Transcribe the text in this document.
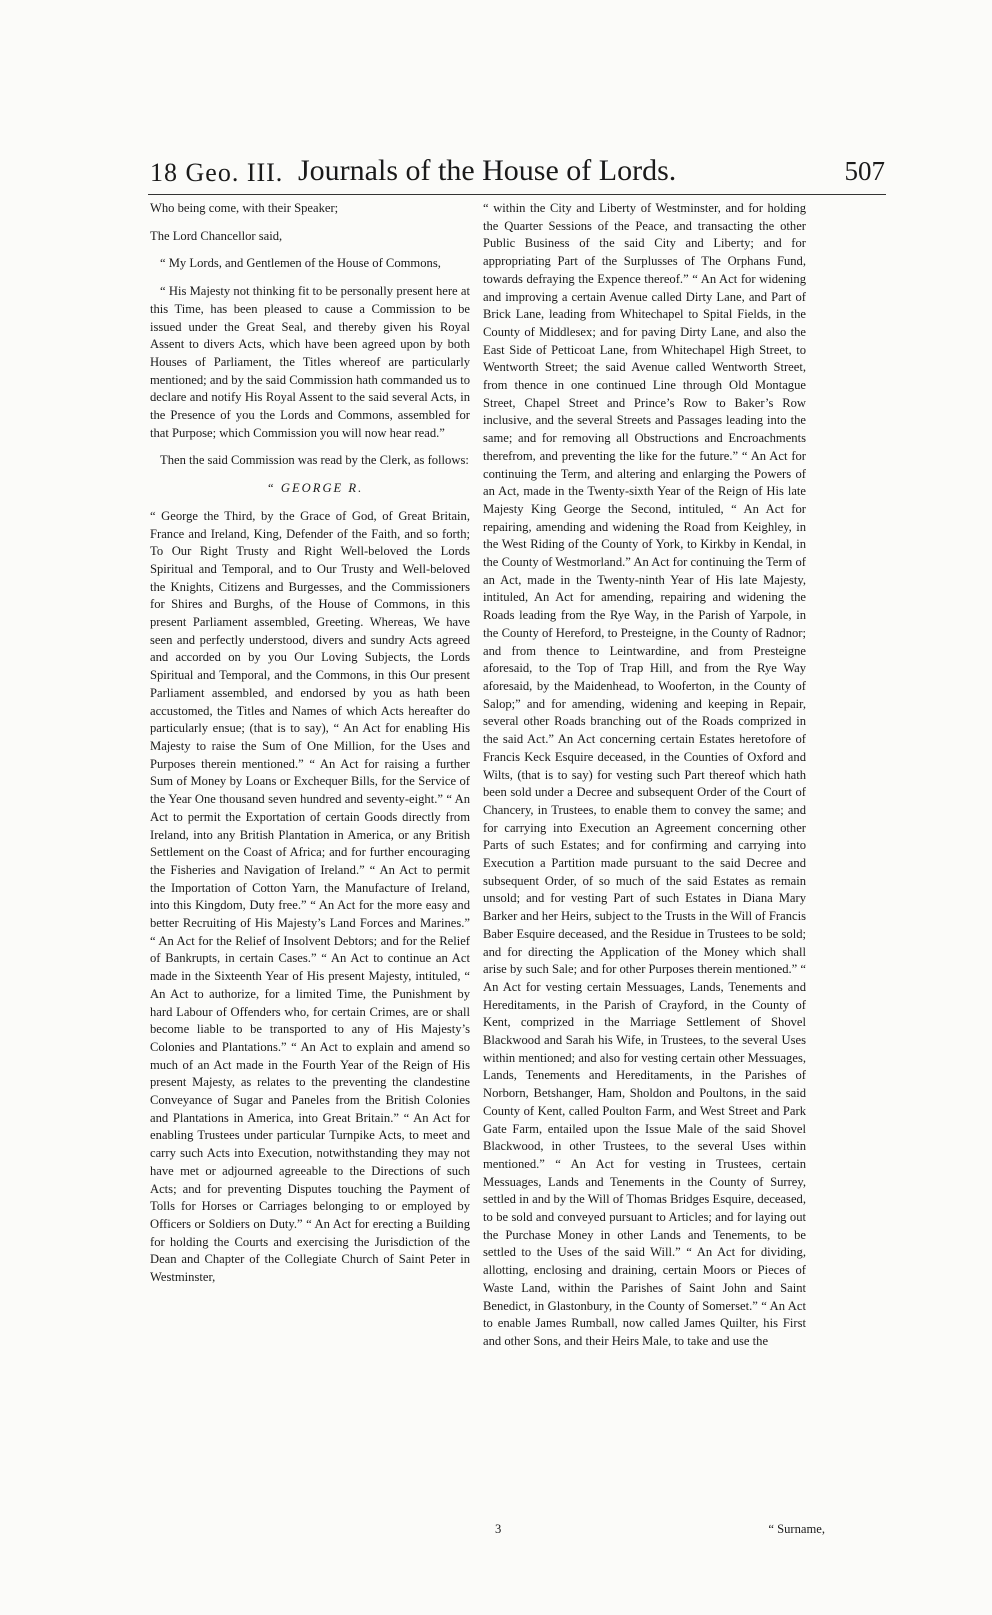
18 Geo. III. Journals of the House of Lords.	507

Who being come, with their Speaker;

The Lord Chancellor said,

“ My Lords, and Gentlemen of the House of Commons,

“ His Majesty not thinking fit to be personally present here at this Time, has been pleased to cause a Commission to be issued under the Great Seal, and thereby given his Royal Assent to divers Acts, which have been agreed upon by both Houses of Parliament, the Titles whereof are particularly mentioned; and by the said Commission hath commanded us to declare and notify His Royal Assent to the said several Acts, in the Presence of you the Lords and Commons, assembled for that Purpose; which Commission you will now hear read.”

Then the said Commission was read by the Clerk, as follows:

“ GEORGE R.

“ George the Third, by the Grace of God, of Great Britain, France and Ireland, King, Defender of the Faith, and so forth; To Our Right Trusty and Right Well-beloved the Lords Spiritual and Temporal, and to Our Trusty and Well-beloved the Knights, Citizens and Burgesses, and the Commissioners for Shires and Burghs, of the House of Commons, in this present Parliament assembled, Greeting. Whereas, We have seen and perfectly understood, divers and sundry Acts agreed and accorded on by you Our Loving Subjects, the Lords Spiritual and Temporal, and the Commons, in this Our present Parliament assembled, and endorsed by you as hath been accustomed, the Titles and Names of which Acts hereafter do particularly ensue; (that is to say), “ An Act for enabling His Majesty to raise the Sum of One Million, for the Uses and Purposes therein mentioned.” “ An Act for raising a further Sum of Money by Loans or Exchequer Bills, for the Service of the Year One thousand seven hundred and seventy-eight.” “ An Act to permit the Exportation of certain Goods directly from Ireland, into any British Plantation in America, or any British Settlement on the Coast of Africa; and for further encouraging the Fisheries and Navigation of Ireland.” “ An Act to permit the Importation of Cotton Yarn, the Manufacture of Ireland, into this Kingdom, Duty free.” “ An Act for the more easy and better Recruiting of His Majesty’s Land Forces and Marines.” “ An Act for the Relief of Insolvent Debtors; and for the Relief of Bankrupts, in certain Cases.” “ An Act to continue an Act made in the Sixteenth Year of His present Majesty, intituled, “ An Act to authorize, for a limited Time, the Punishment by hard Labour of Offenders who, for certain Crimes, are or shall become liable to be transported to any of His Majesty’s Colonies and Plantations.” “ An Act to explain and amend so much of an Act made in the Fourth Year of the Reign of His present Majesty, as relates to the preventing the clandestine Conveyance of Sugar and Paneles from the British Colonies and Plantations in America, into Great Britain.” “ An Act for enabling Trustees under particular Turnpike Acts, to meet and carry such Acts into Execution, notwithstanding they may not have met or adjourned agreeable to the Directions of such Acts; and for preventing Disputes touching the Payment of Tolls for Horses or Carriages belonging to or employed by Officers or Soldiers on Duty.” “ An Act for erecting a Building for holding the Courts and exercising the Jurisdiction of the Dean and Chapter of the Collegiate Church of Saint Peter in Westminster,

“ within the City and Liberty of Westminster, and for holding the Quarter Sessions of the Peace, and transacting the other Public Business of the said City and Liberty; and for appropriating Part of the Surplusses of The Orphans Fund, towards defraying the Expence thereof.” “ An Act for widening and improving a certain Avenue called Dirty Lane, and Part of Brick Lane, leading from Whitechapel to Spital Fields, in the County of Middlesex; and for paving Dirty Lane, and also the East Side of Petticoat Lane, from Whitechapel High Street, to Wentworth Street; the said Avenue called Wentworth Street, from thence in one continued Line through Old Montague Street, Chapel Street and Prince’s Row to Baker’s Row inclusive, and the several Streets and Passages leading into the same; and for removing all Obstructions and Encroachments therefrom, and preventing the like for the future.” “ An Act for continuing the Term, and altering and enlarging the Powers of an Act, made in the Twenty-sixth Year of the Reign of His late Majesty King George the Second, intituled, “ An Act for repairing, amending and widening the Road from Keighley, in the West Riding of the County of York, to Kirkby in Kendal, in the County of Westmorland.” An Act for continuing the Term of an Act, made in the Twenty-ninth Year of His late Majesty, intituled, An Act for amending, repairing and widening the Roads leading from the Rye Way, in the Parish of Yarpole, in the County of Hereford, to Presteigne, in the County of Radnor; and from thence to Leintwardine, and from Presteigne aforesaid, to the Top of Trap Hill, and from the Rye Way aforesaid, by the Maidenhead, to Wooferton, in the County of Salop;” and for amending, widening and keeping in Repair, several other Roads branching out of the Roads comprized in the said Act.” An Act concerning certain Estates heretofore of Francis Keck Esquire deceased, in the Counties of Oxford and Wilts, (that is to say) for vesting such Part thereof which hath been sold under a Decree and subsequent Order of the Court of Chancery, in Trustees, to enable them to convey the same; and for carrying into Execution an Agreement concerning other Parts of such Estates; and for confirming and carrying into Execution a Partition made pursuant to the said Decree and subsequent Order, of so much of the said Estates as remain unsold; and for vesting Part of such Estates in Diana Mary Barker and her Heirs, subject to the Trusts in the Will of Francis Baber Esquire deceased, and the Residue in Trustees to be sold; and for directing the Application of the Money which shall arise by such Sale; and for other Purposes therein mentioned.” “ An Act for vesting certain Messuages, Lands, Tenements and Hereditaments, in the Parish of Crayford, in the County of Kent, comprized in the Marriage Settlement of Shovel Blackwood and Sarah his Wife, in Trustees, to the several Uses within mentioned; and also for vesting certain other Messuages, Lands, Tenements and Hereditaments, in the Parishes of Norborn, Betshanger, Ham, Sholdon and Poultons, in the said County of Kent, called Poulton Farm, and West Street and Park Gate Farm, entailed upon the Issue Male of the said Shovel Blackwood, in other Trustees, to the several Uses within mentioned.” “ An Act for vesting in Trustees, certain Messuages, Lands and Tenements in the County of Surrey, settled in and by the Will of Thomas Bridges Esquire, deceased, to be sold and conveyed pursuant to Articles; and for laying out the Purchase Money in other Lands and Tenements, to be settled to the Uses of the said Will.” “ An Act for dividing, allotting, enclosing and draining, certain Moors or Pieces of Waste Land, within the Parishes of Saint John and Saint Benedict, in Glastonbury, in the County of Somerset.” “ An Act to enable James Rumball, now called James Quilter, his First and other Sons, and their Heirs Male, to take and use the

3	“ Surname,
